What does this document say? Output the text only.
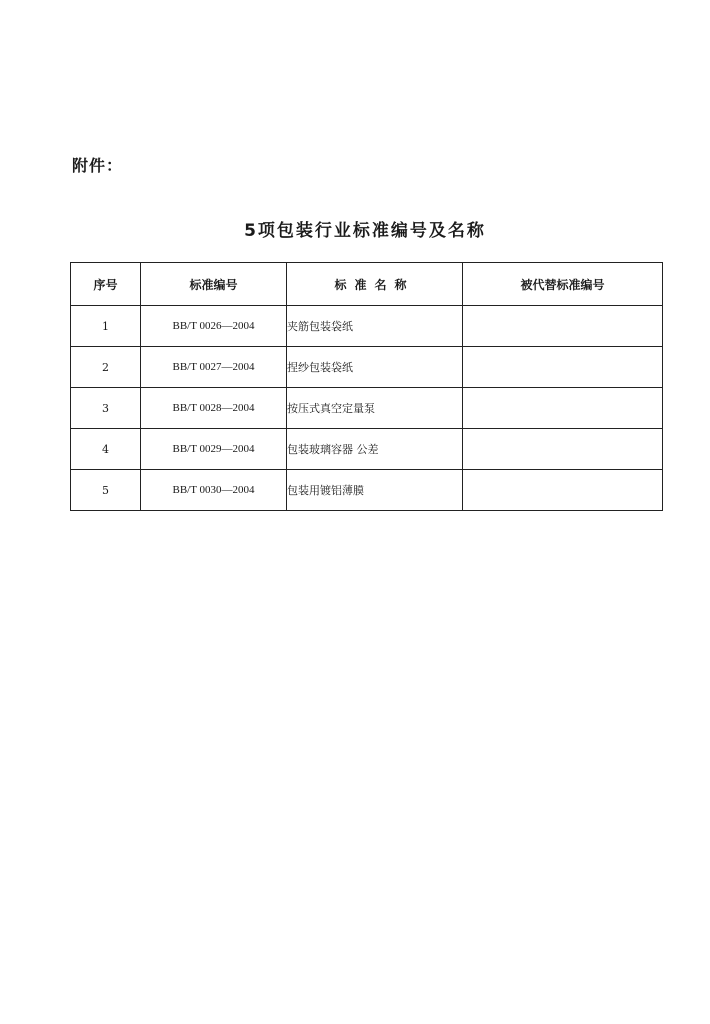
附件：
5项包装行业标准编号及名称
序号	标准编号	标准名称	被代替标准编号
1	BB/T 0026—2004	夹筋包装袋纸	
2	BB/T 0027—2004	捏纱包装袋纸	
3	BB/T 0028—2004	按压式真空定量泵	
4	BB/T 0029—2004	包装玻璃容器 公差	
5	BB/T 0030—2004	包装用镀铝薄膜	
